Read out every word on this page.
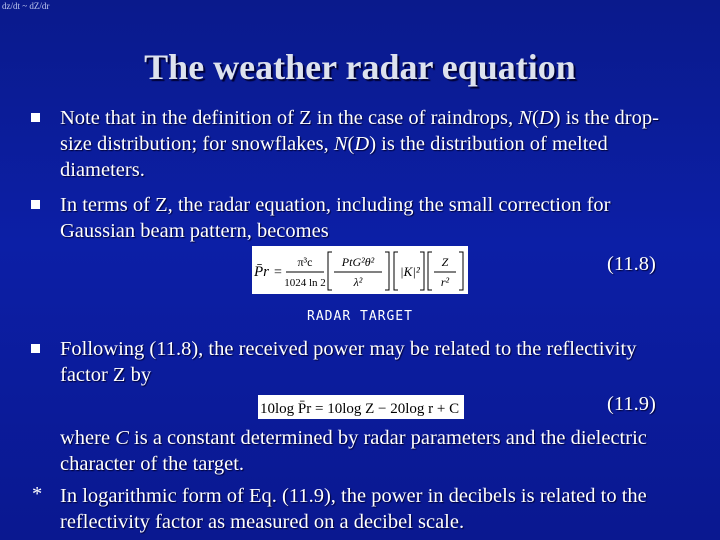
dz/dt ~ dZ/dr
The weather radar equation
Note that in the definition of Z in the case of raindrops, N(D) is the drop-size distribution; for snowflakes, N(D) is the distribution of melted diameters.
In terms of Z, the radar equation, including the small correction for Gaussian beam pattern, becomes
P̄r =
π³c
1024 ln 2
PtG²θ²
λ²
|K|²
Z
r²
(11.8)
RADAR TARGET
Following (11.8), the received power may be related to the reflectivity factor Z by
10log P̄r = 10log Z − 20log r + C	(11.9)
where C is a constant determined by radar parameters and the dielectric character of the target.
* In logarithmic form of Eq. (11.9), the power in decibels is related to the reflectivity factor as measured on a decibel scale.
